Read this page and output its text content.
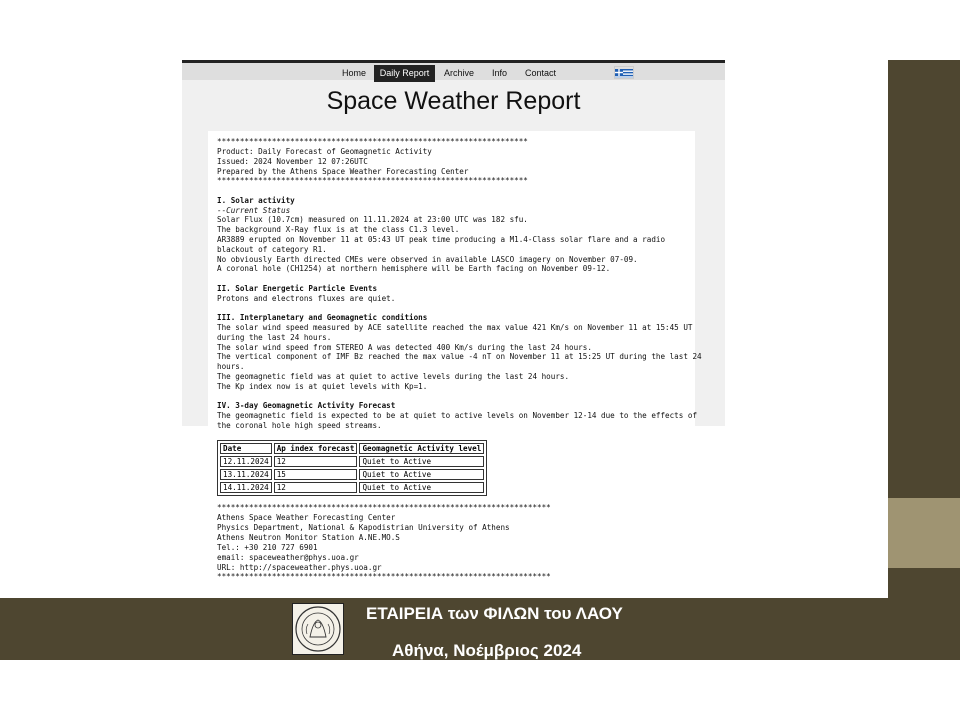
Home	Daily Report	Archive	Info	Contact
Space Weather Report
********************************************************************
Product: Daily Forecast of Geomagnetic Activity
Issued: 2024 November 12 07:26UTC
Prepared by the Athens Space Weather Forecasting Center
********************************************************************
I. Solar activity
--Current Status
Solar Flux (10.7cm) measured on 11.11.2024 at 23:00 UTC was 182 sfu.
The background X-Ray flux is at the class C1.3 level.
AR3889 erupted on November 11 at 05:43 UT peak time producing a M1.4-Class solar flare and a radio
blackout of category R1.
No obviously Earth directed CMEs were observed in available LASCO imagery on November 07-09.
A coronal hole (CH1254) at northern hemisphere will be Earth facing on November 09-12.
II. Solar Energetic Particle Events
Protons and electrons fluxes are quiet.
III. Interplanetary and Geomagnetic conditions
The solar wind speed measured by ACE satellite reached the max value 421 Km/s on November 11 at 15:45 UT
during the last 24 hours.
The solar wind speed from STEREO A was detected 400 Km/s during the last 24 hours.
The vertical component of IMF Bz reached the max value -4 nT on November 11 at 15:25 UT during the last 24
hours.
The geomagnetic field was at quiet to active levels during the last 24 hours.
The Kp index now is at quiet levels with Kp=1.
IV. 3-day Geomagnetic Activity Forecast
The geomagnetic field is expected to be at quiet to active levels on November 12-14 due to the effects of
the coronal hole high speed streams.
Date	Ap index forecast	Geomagnetic Activity level
12.11.2024	12	Quiet to Active
13.11.2024	15	Quiet to Active
14.11.2024	12	Quiet to Active
*************************************************************************
Athens Space Weather Forecasting Center
Physics Department, National & Kapodistrian University of Athens
Athens Neutron Monitor Station A.NE.MO.S
Tel.: +30 210 727 6901
email: spaceweather@phys.uoa.gr
URL: http://spaceweather.phys.uoa.gr
*************************************************************************
ΕΤΑΙΡΕΙΑ των ΦΙΛΩΝ του ΛΑΟΥ
Αθήνα, Νοέμβριος 2024
